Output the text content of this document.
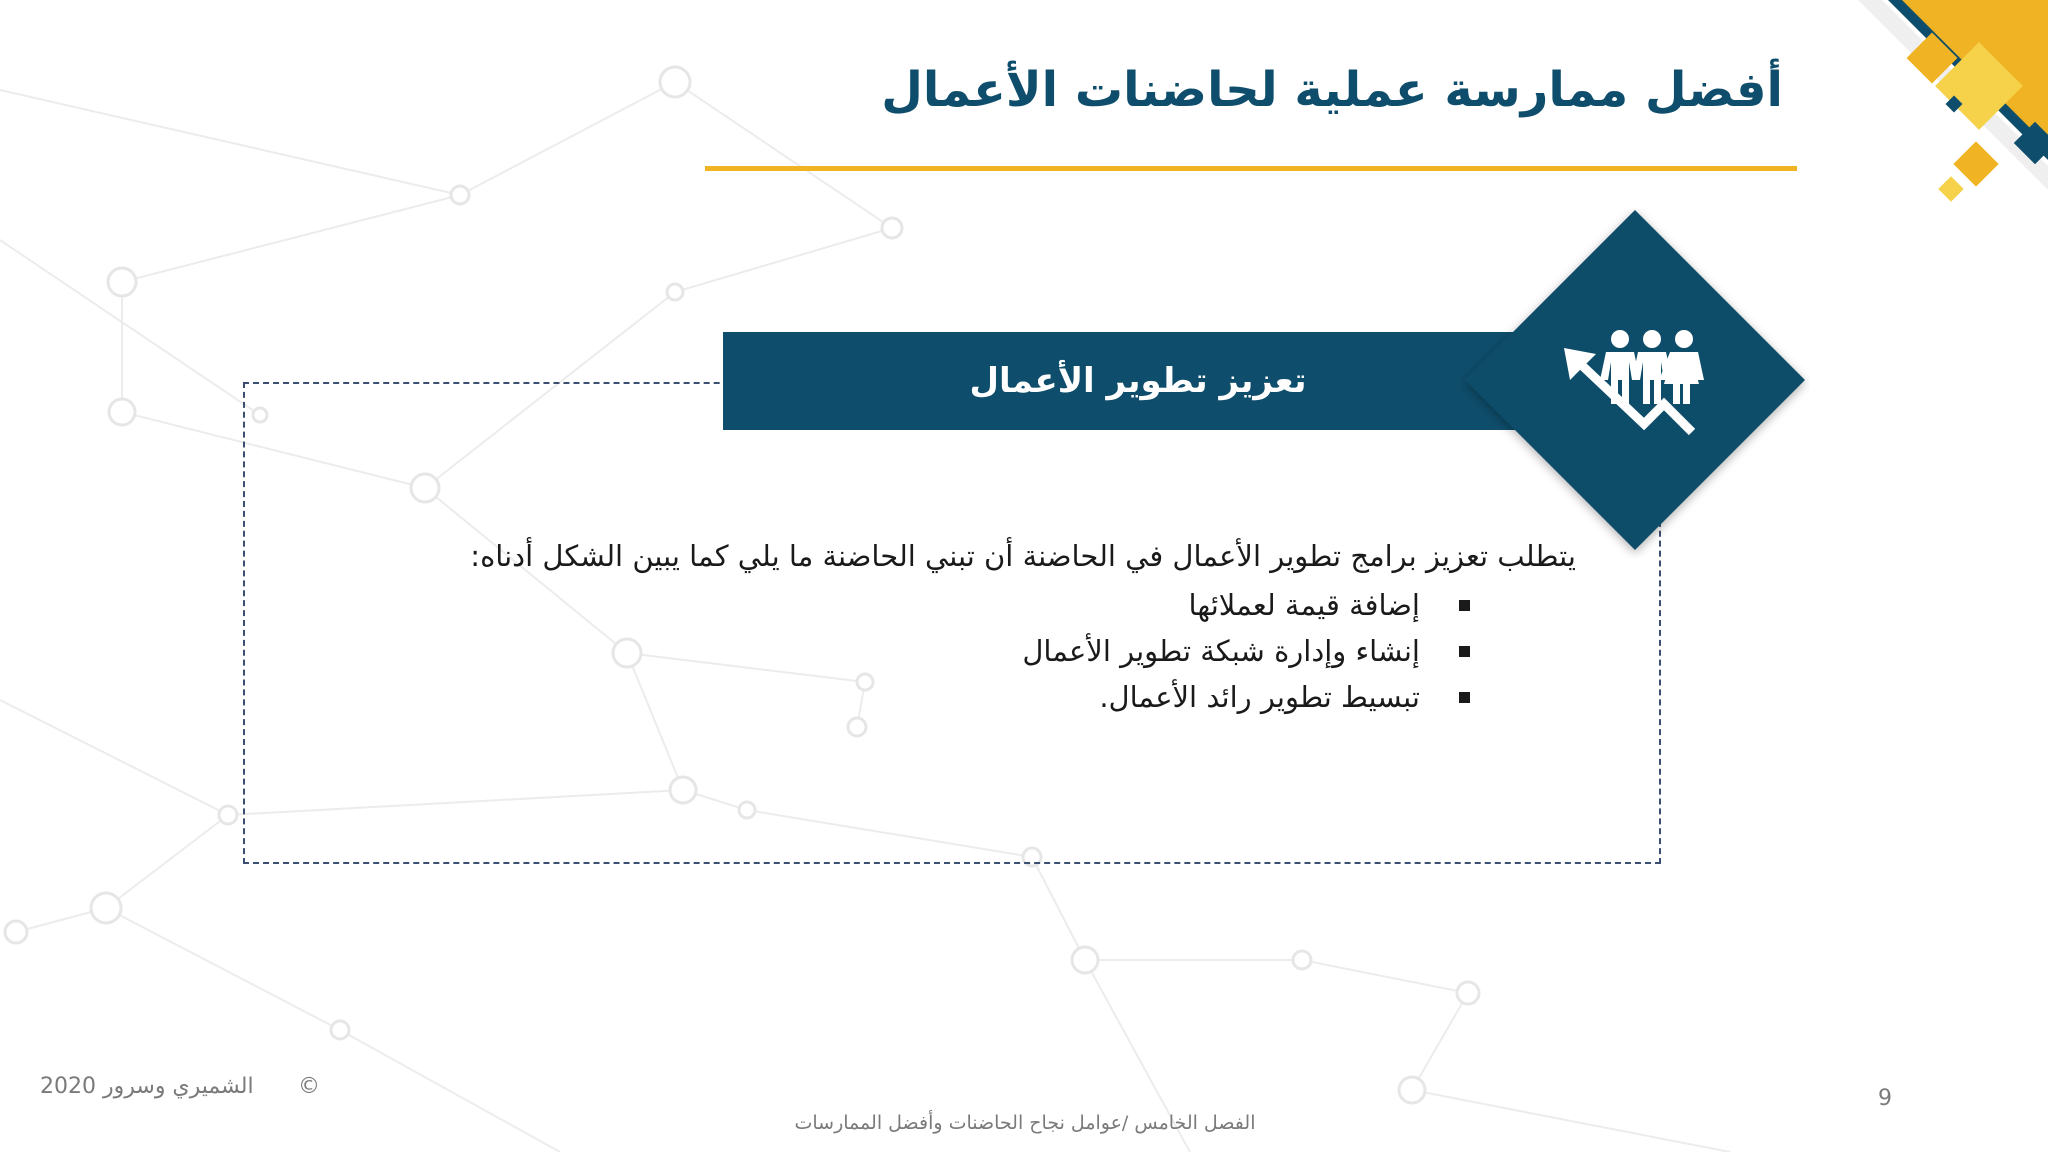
أفضل ممارسة عملية لحاضنات الأعمال
تعزيز تطوير الأعمال
يتطلب تعزيز برامج تطوير الأعمال في الحاضنة أن تبني الحاضنة ما يلي كما يبين الشكل أدناه:
إضافة قيمة لعملائها
إنشاء وإدارة شبكة تطوير الأعمال
تبسيط تطوير رائد الأعمال.
الشميري وسرور 2020 ©
الفصل الخامس /عوامل نجاح الحاضنات وأفضل الممارسات
9
